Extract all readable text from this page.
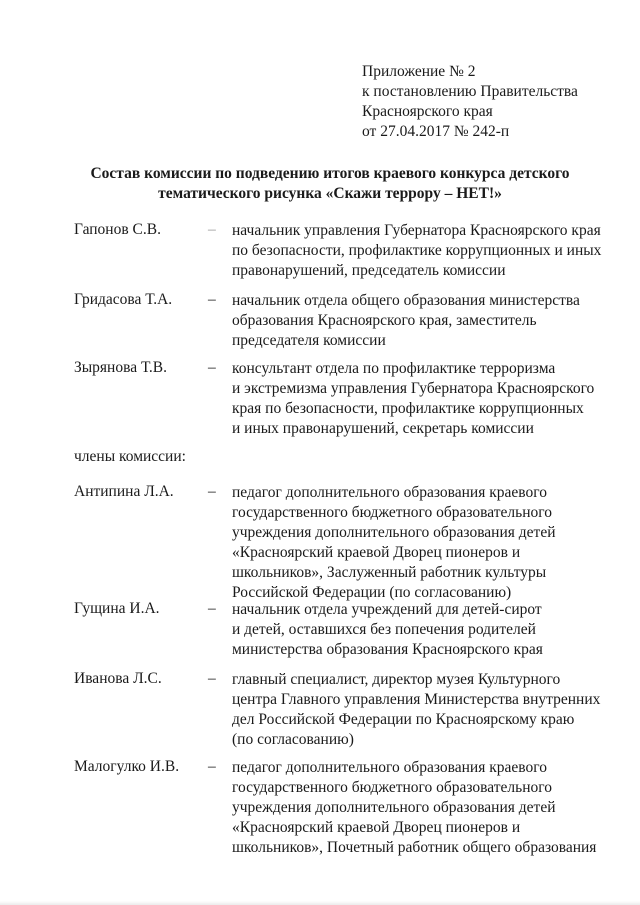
Приложение № 2
к постановлению Правительства
Красноярского края
от 27.04.2017 № 242-п
Состав комиссии по подведению итогов краевого конкурса детского
тематического рисунка «Скажи террору – НЕТ!»
Гапонов С.В.	– начальник управления Губернатора Красноярского края
по безопасности, профилактике коррупционных и иных
правонарушений, председатель комиссии
Гридасова Т.А. – начальник отдела общего образования министерства
образования Красноярского края, заместитель
председателя комиссии
Зырянова Т.В.	– консультант отдела по профилактике терроризма
и экстремизма управления Губернатора Красноярского
края по безопасности, профилактике коррупционных
и иных правонарушений, секретарь комиссии
члены комиссии:
Антипина Л.А. – педагог дополнительного образования краевого
государственного бюджетного образовательного
учреждения дополнительного образования детей
«Красноярский краевой Дворец пионеров и
школьников», Заслуженный работник культуры
Российской Федерации (по согласованию)
Гущина И.А.	– начальник отдела учреждений для детей-сирот
и детей, оставшихся без попечения родителей
министерства образования Красноярского края
Иванова Л.С.	– главный специалист, директор музея Культурного
центра Главного управления Министерства внутренних
дел Российской Федерации по Красноярскому краю
(по согласованию)
Малогулко И.В. – педагог дополнительного образования краевого
государственного бюджетного образовательного
учреждения дополнительного образования детей
«Красноярский краевой Дворец пионеров и
школьников», Почетный работник общего образования
